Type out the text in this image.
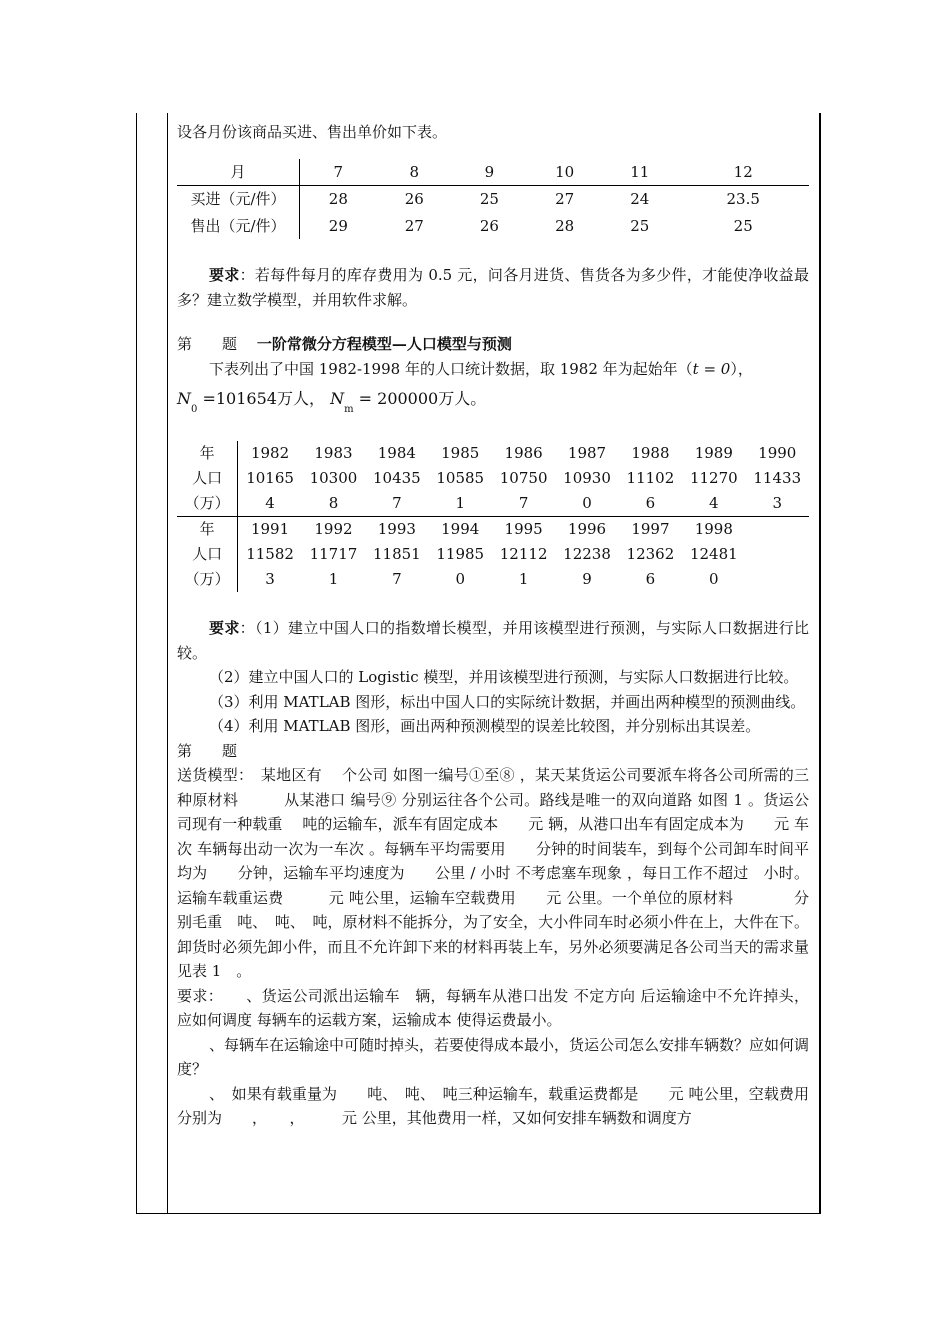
设各月份该商品买进、售出单价如下表。

月	7	8	9	10	11	12
买进（元/件）	28	26	25	27	24	23.5
售出（元/件）	29	27	26	28	25	25

要求：若每件每月的库存费用为 0.5 元，问各月进货、售货各为多少件，才能使净收益最多？建立数学模型，并用软件求解。

第　　 题　 一阶常微分方程模型—人口模型与预测

下表列出了中国 1982-1998 年的人口统计数据，取 1982 年为起始年（t = 0），

$N_0 =101654$万人， $N_m = 200000$万人。
年	1982	1983	1984	1985	1986	1987	1988	1989	1990
人口	10165	10300	10435	10585	10750	10930	11102	11270	11433
（万）	4	8	7	1	7	0	6	4	3
年	1991	1992	1993	1994	1995	1996	1997	1998	
人口	11582	11717	11851	11985	12112	12238	12362	12481	
（万）	3	1	7	0	1	9	6	0	

要求：（1）建立中国人口的指数增长模型，并用该模型进行预测，与实际人口数据进行比较。

（2）建立中国人口的 Logistic 模型，并用该模型进行预测，与实际人口数据进行比较。

（3）利用 MATLAB 图形，标出中国人口的实际统计数据，并画出两种模型的预测曲线。

（4）利用 MATLAB 图形，画出两种预测模型的误差比较图，并分别标出其误差。

第　　题

送货模型：　某地区有　 个公司 如图一编号①至⑧ ，某天某货运公司要派车将各公司所需的三种原材料　　　从某港口 编号⑨ 分别运往各个公司。路线是唯一的双向道路 如图 1 。货运公司现有一种载重　 吨的运输车，派车有固定成本　　元 辆，从港口出车有固定成本为　　元 车次 车辆每出动一次为一车次 。每辆车平均需要用　　分钟的时间装车，到每个公司卸车时间平均为　　分钟，运输车平均速度为　　公里 / 小时 不考虑塞车现象 ，每日工作不超过　小时。运输车载重运费　　　元 吨公里，运输车空载费用　　元 公里。一个单位的原材料　　　　分别毛重　吨、　吨、　吨，原材料不能拆分，为了安全，大小件同车时必须小件在上，大件在下。卸货时必须先卸小件，而且不允许卸下来的材料再装上车，另外必须要满足各公司当天的需求量 见表 1　。

要求：　　、货运公司派出运输车　辆，每辆车从港口出发 不定方向 后运输途中不允许掉头，应如何调度 每辆车的运载方案，运输成本 使得运费最小。

、每辆车在运输途中可随时掉头，若要使得成本最小，货运公司怎么安排车辆数？应如何调度？

、　如果有载重量为　　吨、　吨、　吨三种运输车，载重运费都是　　元 吨公里，空载费用分别为　　，　　，　　　元 公里，其他费用一样，又如何安排车辆数和调度方
